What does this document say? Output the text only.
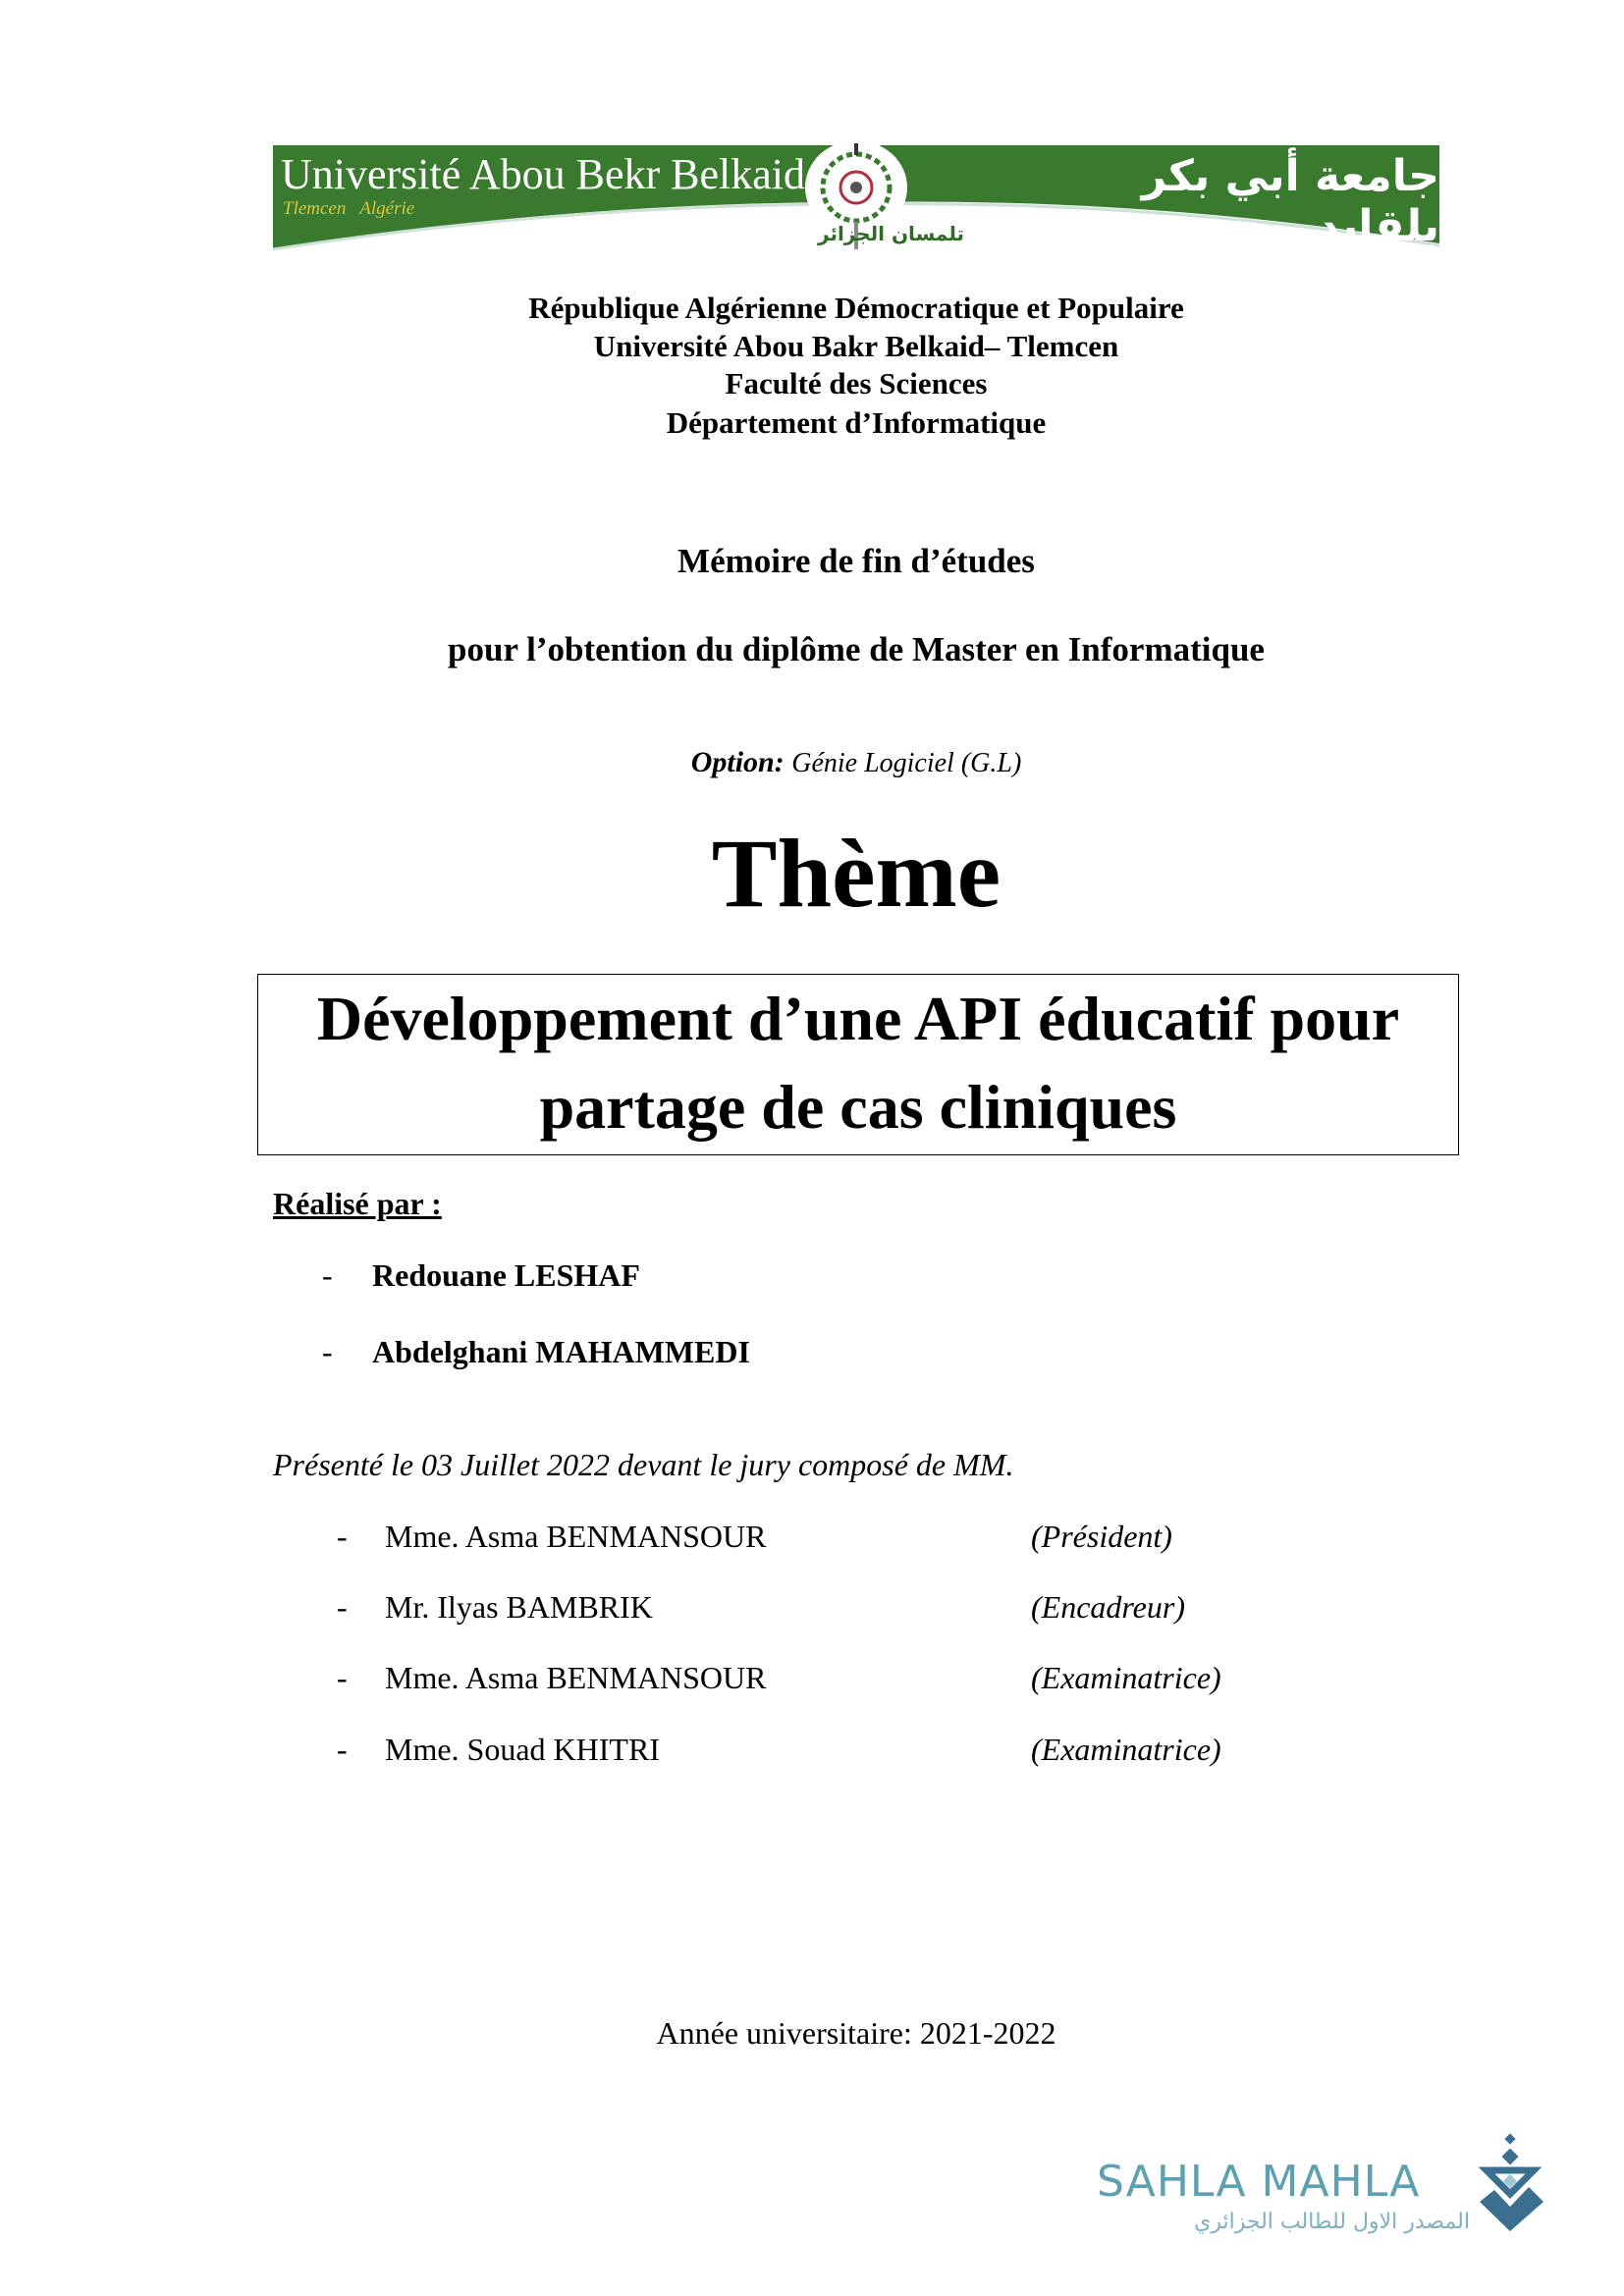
Université Abou Bekr Belkaid
Tlemcen   Algérie
جامعة أبي بكر بلقايد
تلمسان الجزائر
République Algérienne Démocratique et Populaire
Université Abou Bakr Belkaid– Tlemcen
Faculté des Sciences
Département d’Informatique
Mémoire de fin d’études
pour l’obtention du diplôme de Master en Informatique
Option: Génie Logiciel (G.L)
Thème
Développement d’une API éducatif pour
partage de cas cliniques
Réalisé par :
- Redouane LESHAF
- Abdelghani MAHAMMEDI
Présenté le 03 Juillet 2022 devant le jury composé de MM.
- Mme. Asma BENMANSOUR	(Président)
- Mr. Ilyas BAMBRIK	(Encadreur)
- Mme. Asma BENMANSOUR	(Examinatrice)
- Mme. Souad KHITRI	(Examinatrice)
Année universitaire: 2021-2022
SAHLA MAHLA
المصدر الاول للطالب الجزائري
